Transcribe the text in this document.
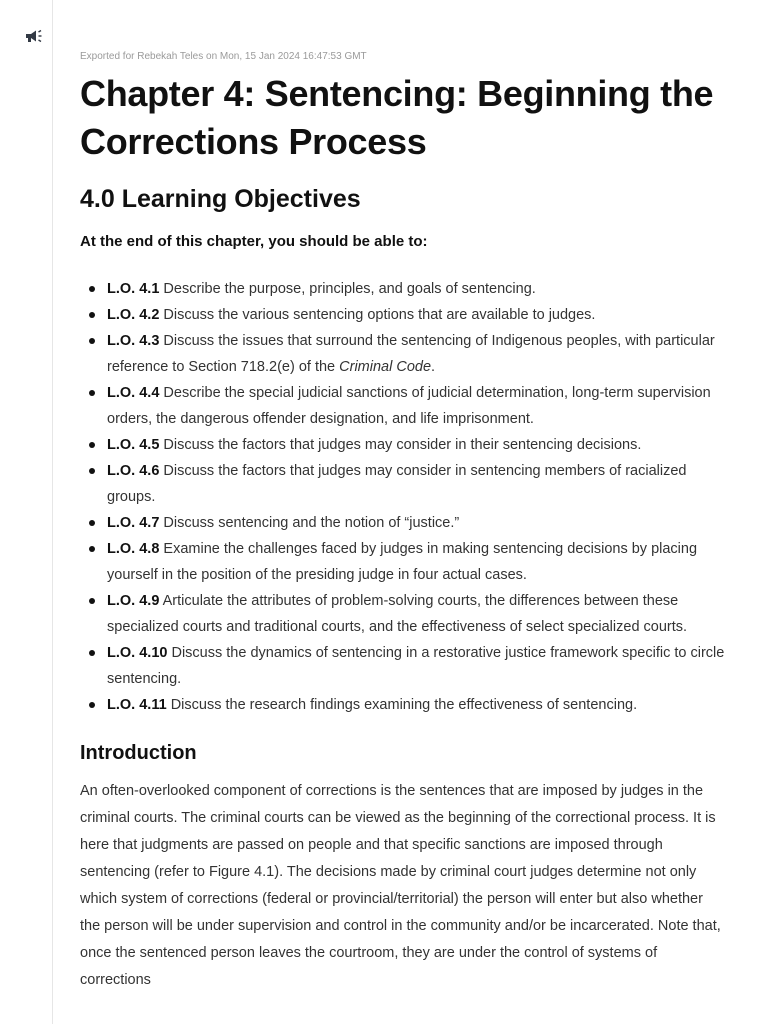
Exported for Rebekah Teles on Mon, 15 Jan 2024 16:47:53 GMT
Chapter 4: Sentencing: Beginning the Corrections Process
4.0 Learning Objectives

At the end of this chapter, you should be able to:

L.O. 4.1 Describe the purpose, principles, and goals of sentencing.
L.O. 4.2 Discuss the various sentencing options that are available to judges.
L.O. 4.3 Discuss the issues that surround the sentencing of Indigenous peoples, with particular reference to Section 718.2(e) of the Criminal Code.
L.O. 4.4 Describe the special judicial sanctions of judicial determination, long-term supervision orders, the dangerous offender designation, and life imprisonment.
L.O. 4.5 Discuss the factors that judges may consider in their sentencing decisions.
L.O. 4.6 Discuss the factors that judges may consider in sentencing members of racialized groups.
L.O. 4.7 Discuss sentencing and the notion of “justice.”
L.O. 4.8 Examine the challenges faced by judges in making sentencing decisions by placing yourself in the position of the presiding judge in four actual cases.
L.O. 4.9 Articulate the attributes of problem-solving courts, the differences between these specialized courts and traditional courts, and the effectiveness of select specialized courts.
L.O. 4.10 Discuss the dynamics of sentencing in a restorative justice framework specific to circle sentencing.
L.O. 4.11 Discuss the research findings examining the effectiveness of sentencing.
Introduction

An often-overlooked component of corrections is the sentences that are imposed by judges in the criminal courts. The criminal courts can be viewed as the beginning of the correctional process. It is here that judgments are passed on people and that specific sanctions are imposed through sentencing (refer to Figure 4.1). The decisions made by criminal court judges determine not only which system of corrections (federal or provincial/territorial) the person will enter but also whether the person will be under supervision and control in the community and/or be incarcerated. Note that, once the sentenced person leaves the courtroom, they are under the control of systems of corrections
